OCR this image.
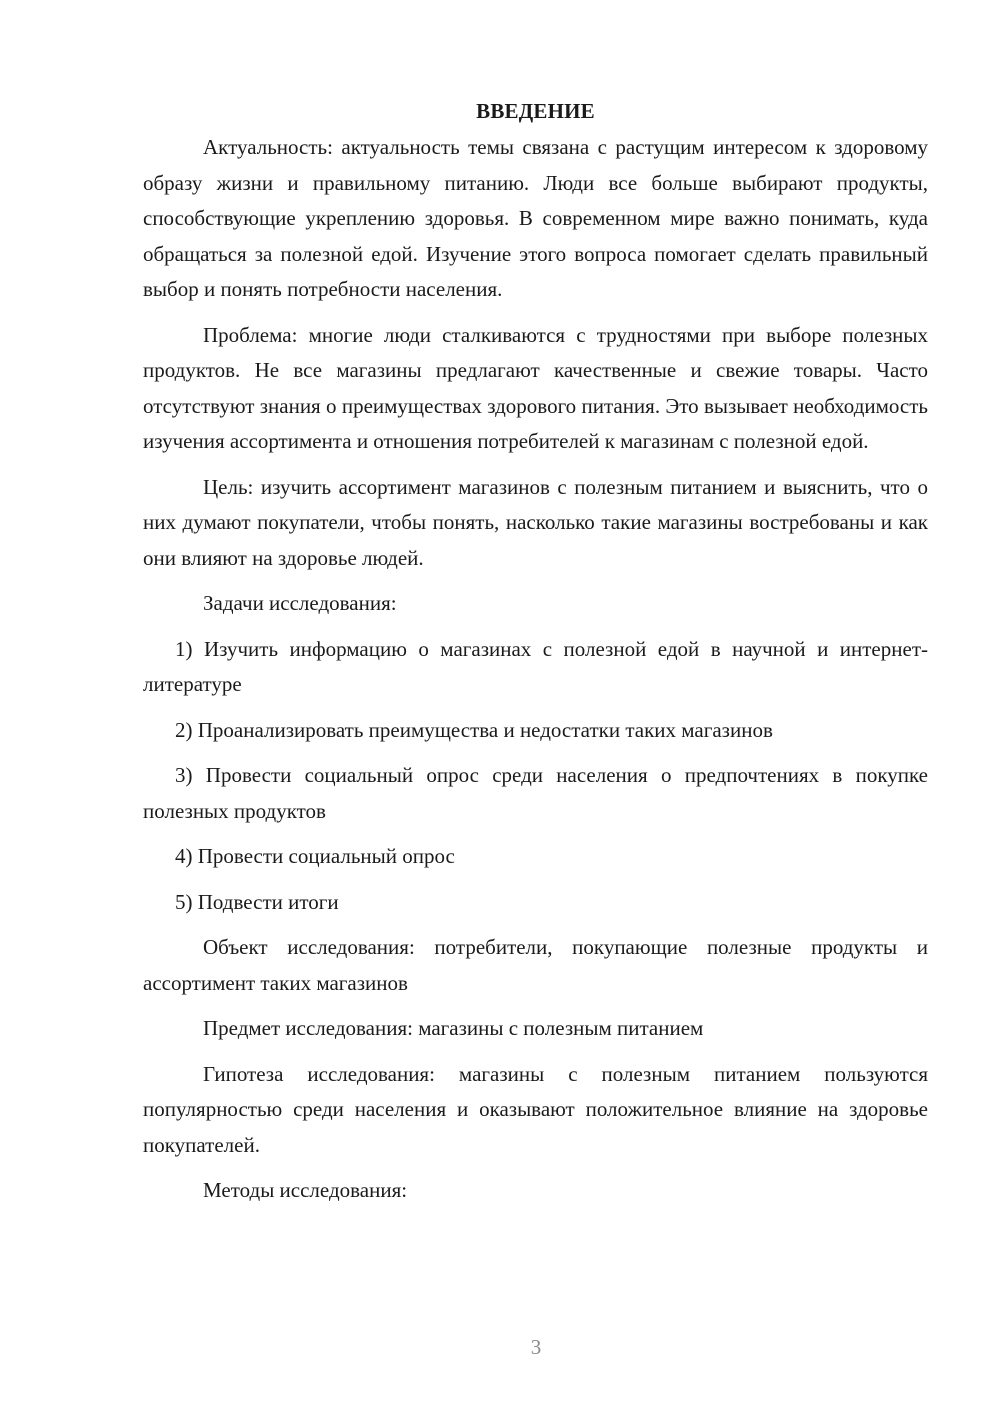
ВВЕДЕНИЕ

Актуальность: актуальность темы связана с растущим интересом к здоровому образу жизни и правильному питанию. Люди все больше выбирают продукты, способствующие укреплению здоровья. В современном мире важно понимать, куда обращаться за полезной едой. Изучение этого вопроса помогает сделать правильный выбор и понять потребности населения.

Проблема: многие люди сталкиваются с трудностями при выборе полезных продуктов. Не все магазины предлагают качественные и свежие товары. Часто отсутствуют знания о преимуществах здорового питания. Это вызывает необходимость изучения ассортимента и отношения потребителей к магазинам с полезной едой.

Цель: изучить ассортимент магазинов с полезным питанием и выяснить, что о них думают покупатели, чтобы понять, насколько такие магазины востребованы и как они влияют на здоровье людей.

Задачи исследования:

1) Изучить информацию о магазинах с полезной едой в научной и интернет-литературе

2) Проанализировать преимущества и недостатки таких магазинов

3) Провести социальный опрос среди населения о предпочтениях в покупке полезных продуктов

4) Провести социальный опрос

5) Подвести итоги

Объект исследования: потребители, покупающие полезные продукты и ассортимент таких магазинов

Предмет исследования: магазины с полезным питанием

Гипотеза исследования: магазины с полезным питанием пользуются популярностью среди населения и оказывают положительное влияние на здоровье покупателей.

Методы исследования:

3
